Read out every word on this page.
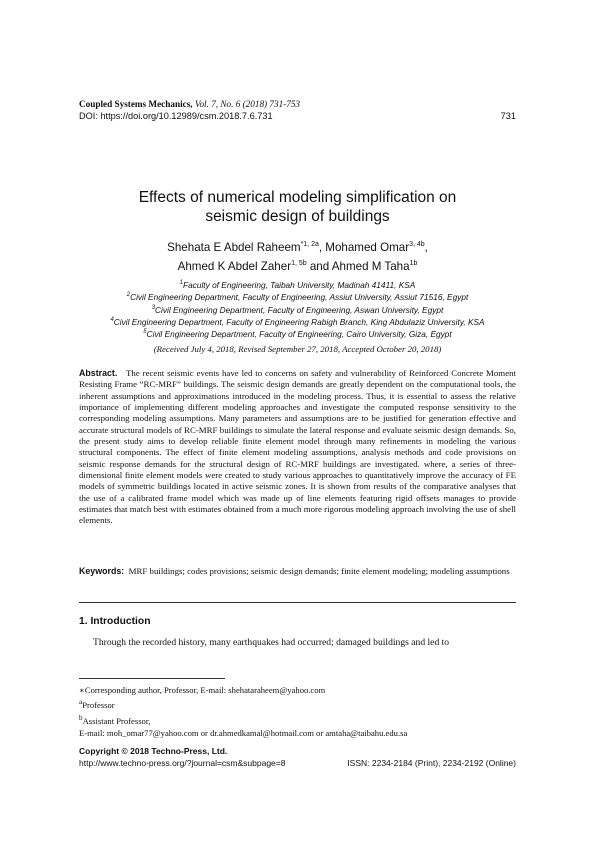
Coupled Systems Mechanics, Vol. 7, No. 6 (2018) 731-753
DOI: https://doi.org/10.12989/csm.2018.7.6.731	731
Effects of numerical modeling simplification on
seismic design of buildings
Shehata E Abdel Raheem$^{*1, 2a}$, Mohamed Omar$^{3, 4b}$,
Ahmed K Abdel Zaher$^{1, 5b}$ and Ahmed M Taha$^{1b}$
$^1$Faculty of Engineering, Taibah University, Madinah 41411, KSA
$^2$Civil Engineering Department, Faculty of Engineering, Assiut University, Assiut 71516, Egypt
$^3$Civil Engineering Department, Faculty of Engineering, Aswan University, Egypt
$^4$Civil Engineering Department, Faculty of Engineering Rabigh Branch, King Abdulaziz University, KSA
$^5$Civil Engineering Department, Faculty of Engineering, Cairo University, Giza, Egypt
(Received July 4, 2018, Revised September 27, 2018, Accepted October 20, 2018)
Abstract. The recent seismic events have led to concerns on safety and vulnerability of Reinforced Concrete Moment Resisting Frame “RC-MRF” buildings. The seismic design demands are greatly dependent on the computational tools, the inherent assumptions and approximations introduced in the modeling process. Thus, it is essential to assess the relative importance of implementing different modeling approaches and investigate the computed response sensitivity to the corresponding modeling assumptions. Many parameters and assumptions are to be justified for generation effective and accurate structural models of RC-MRF buildings to simulate the lateral response and evaluate seismic design demands. So, the present study aims to develop reliable finite element model through many refinements in modeling the various structural components. The effect of finite element modeling assumptions, analysis methods and code provisions on seismic response demands for the structural design of RC-MRF buildings are investigated. where, a series of three-dimensional finite element models were created to study various approaches to quantitatively improve the accuracy of FE models of symmetric buildings located in active seismic zones. It is shown from results of the comparative analyses that the use of a calibrated frame model which was made up of line elements featuring rigid offsets manages to provide estimates that match best with estimates obtained from a much more rigorous modeling approach involving the use of shell elements.
Keywords: MRF buildings; codes provisions; seismic design demands; finite element modeling; modeling assumptions
1. Introduction
Through the recorded history, many earthquakes had occurred; damaged buildings and led to
∗Corresponding author, Professor, E-mail: shehataraheem@yahoo.com
$^a$Professor
$^b$Assistant Professor,
E-mail: moh_omar77@yahoo.com or dr.ahmedkamal@hotmail.com or amtaha@taibahu.edu.sa
Copyright © 2018 Techno-Press, Ltd.
http://www.techno-press.org/?journal=csm&subpage=8	ISSN: 2234-2184 (Print), 2234-2192 (Online)
